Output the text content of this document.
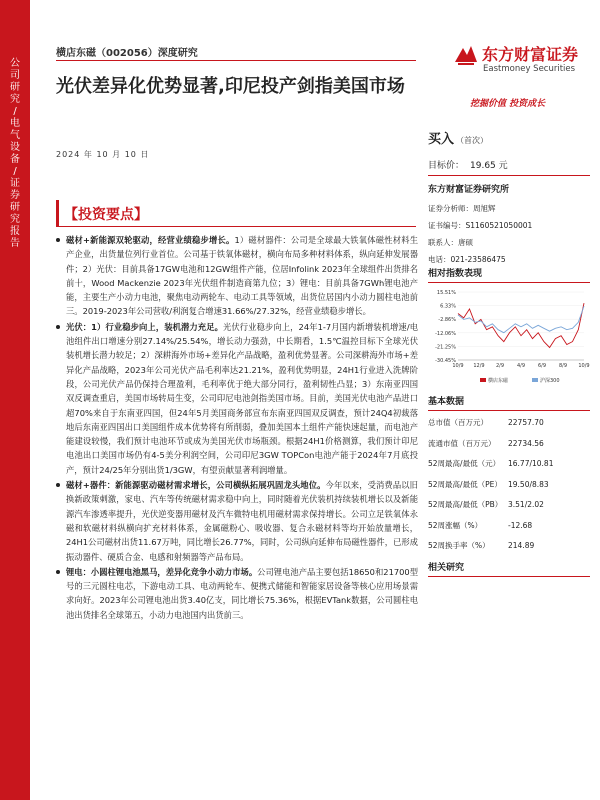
公
司
研
究
/
电
气
设
备
/
证
券
研
究
报
告
横店东磁（002056）深度研究
光伏差异化优势显著,印尼投产剑指美国市场
2024 年 10 月 10 日
东方财富证券
Eastmoney Securities
挖掘价值 投资成长
【投资要点】
磁材+新能源双轮驱动，经营业绩稳步增长。1）磁材器件：公司是全球最大铁氧体磁性材料生产企业，出货量位列行业首位。公司基于铁氧体磁材，横向布局多种材料体系，纵向延伸发展器件；2）光伏：目前具备17GW电池和12GW组件产能，位居Infolink 2023年全球组件出货排名前十，Wood Mackenzie 2023年光伏组件制造商第九位；3）锂电：目前具备7GWh锂电池产能，主要生产小动力电池，聚焦电动两轮车、电动工具等领域，出货位居国内小动力圆柱电池前三。2019-2023年公司营收/利润复合增速31.66%/27.32%，经营业绩稳步增长。
光伏：1）行业稳步向上，装机潜力充足。光伏行业稳步向上，24年1-7月国内新增装机增速/电池组件出口增速分别27.14%/25.54%，增长动力强劲，中长期看，1.5℃温控目标下全球光伏装机增长潜力较足；2）深耕海外市场+差异化产品战略，盈利优势显著。公司深耕海外市场+差异化产品战略，2023年公司光伏产品毛利率达21.21%，盈利优势明显，24H1行业进入洗牌阶段，公司光伏产品仍保持合理盈利，毛利率优于绝大部分同行，盈利韧性凸显；3）东南亚四国双反调查重启，美国市场转局生变，公司印尼电池剑指美国市场。目前，美国光伏电池产品进口超70%来自于东南亚四国，但24年5月美国商务部宣布东南亚四国双反调查，预计24Q4初裁落地后东南亚四国出口美国组件成本优势将有所削弱，叠加美国本土组件产能快速起量，而电池产能建设较慢，我们预计电池环节或成为美国光伏市场瓶颈。根据24H1价格测算，我们预计印尼电池出口美国市场仍有4-5美分利润空间，公司印尼3GW TOPCon电池产能于2024年7月底投产，预计24/25年分别出货1/3GW，有望贡献显著利润增量。
磁材+器件：新能源驱动磁材需求增长，公司横纵拓展巩固龙头地位。今年以来，受消费品以旧换新政策刺激，家电、汽车等传统磁材需求稳中向上，同时随着光伏装机持续装机增长以及新能源汽车渗透率提升，光伏逆变器用磁材及汽车微特电机用磁材需求保持增长。公司立足铁氧体永磁和软磁材料纵横向扩充材料体系，金属磁粉心、吸收器、复合永磁材料等均开始放量增长，24H1公司磁材出货11.67万吨，同比增长26.77%，同时，公司纵向延伸布局磁性器件，已形成振动器件、硬质合金、电感和射频器等产品布局。
锂电：小圆柱锂电池黑马，差异化竞争小动力市场。公司锂电池产品主要包括18650和21700型号的三元圆柱电芯，下游电动工具、电动两轮车、便携式储能和智能家居设备等核心应用场景需求向好。2023年公司锂电池出货3.40亿支，同比增长75.36%，根据EVTank数据，公司圆柱电池出货排名全球第五，小动力电池国内出货前三。
买入 （首次）
目标价： 19.65 元
东方财富证券研究所
证券分析师：周旭辉
证书编号：S1160521050001
联系人：唐硕
电话：021-23586475
相对指数表现
15.51%
6.33%
-2.86%
-12.06%
-21.25%
-30.45%
10/9 12/9 2/9	4/9	6/9	8/9 10/9
横店东磁	沪深300
基本数据
总市值（百万元）	22757.70
流通市值（百万元） 22734.56
52周最高/最低（元） 16.77/10.81
52周最高/最低（PE） 19.50/8.83
52周最高/最低（PB） 3.51/2.02
52周涨幅（%）	-12.68
52周换手率（%） 214.89
相关研究
